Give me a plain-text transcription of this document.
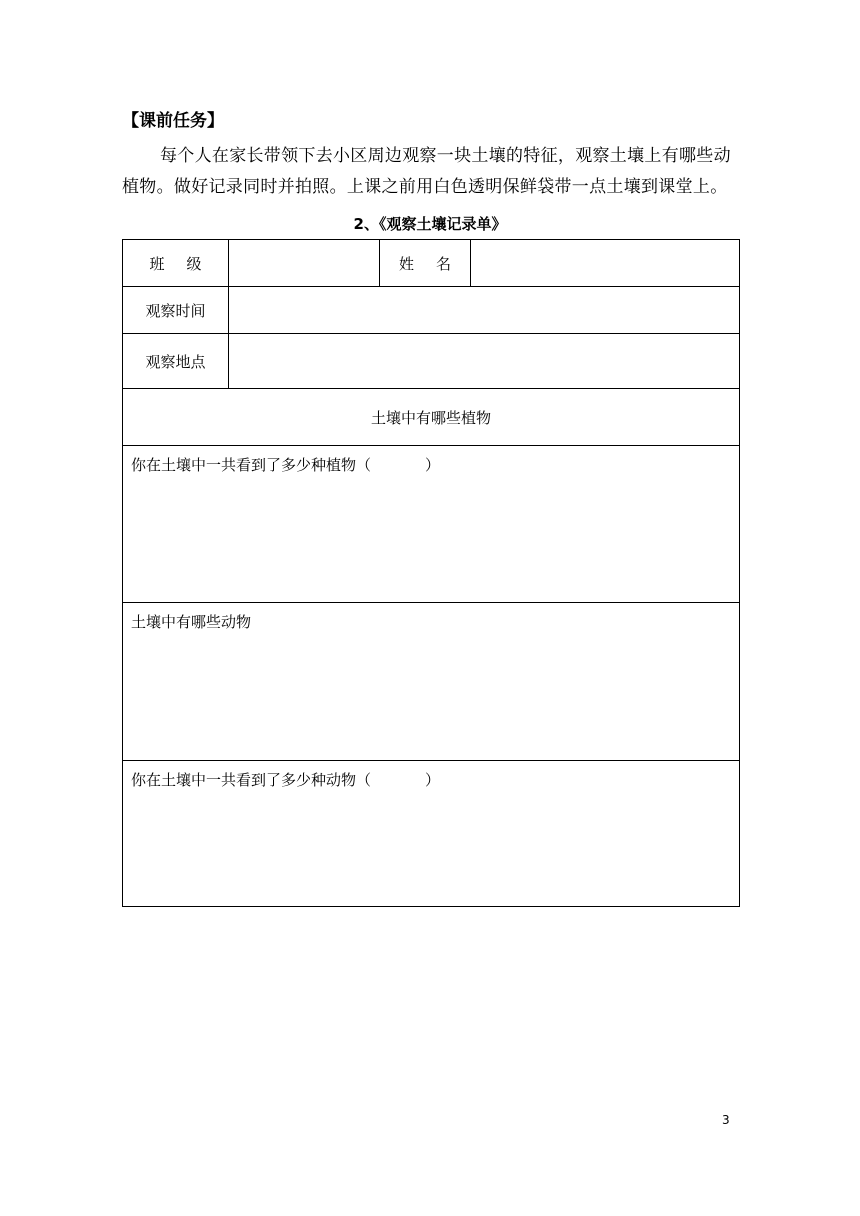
【课前任务】
每个人在家长带领下去小区周边观察一块土壤的特征，观察土壤上有哪些动植物。做好记录同时并拍照。上课之前用白色透明保鲜袋带一点土壤到课堂上。
2、《观察土壤记录单》
班 级		姓 名	
观察时间			
观察地点			
土壤中有哪些植物			

你在土壤中一共看到了多少种植物（ ）			

土壤中有哪些动物			

你在土壤中一共看到了多少种动物（ ）			
3
